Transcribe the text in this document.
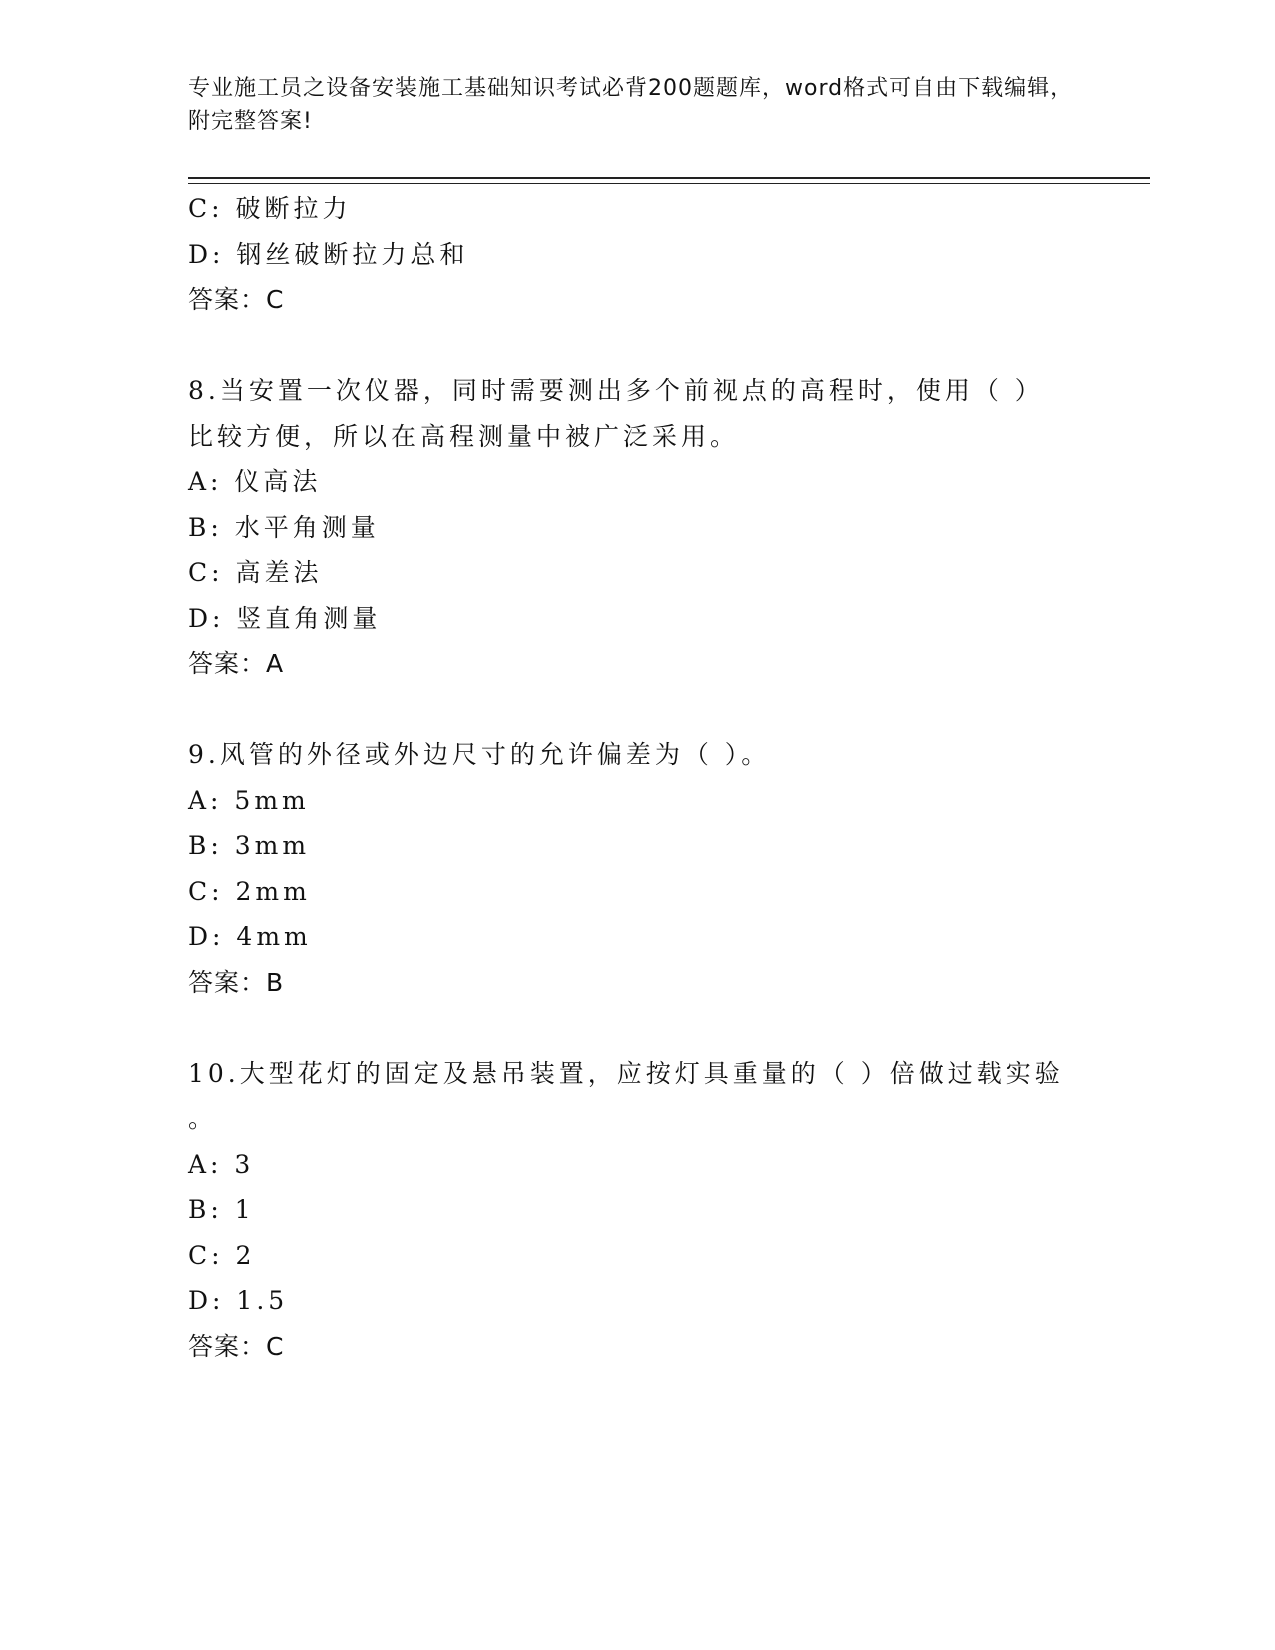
专业施工员之设备安装施工基础知识考试必背200题题库，word格式可自由下载编辑，附完整答案!
C: 破断拉力
D: 钢丝破断拉力总和
答案：C
8.当安置一次仪器，同时需要测出多个前视点的高程时，使用（ ）比较方便，所以在高程测量中被广泛采用。
A: 仪高法
B: 水平角测量
C: 高差法
D: 竖直角测量
答案：A
9.风管的外径或外边尺寸的允许偏差为（ ）。
A: 5mm
B: 3mm
C: 2mm
D: 4mm
答案：B
10.大型花灯的固定及悬吊装置，应按灯具重量的（ ）倍做过载实验
。
A: 3
B: 1
C: 2
D: 1.5
答案：C
